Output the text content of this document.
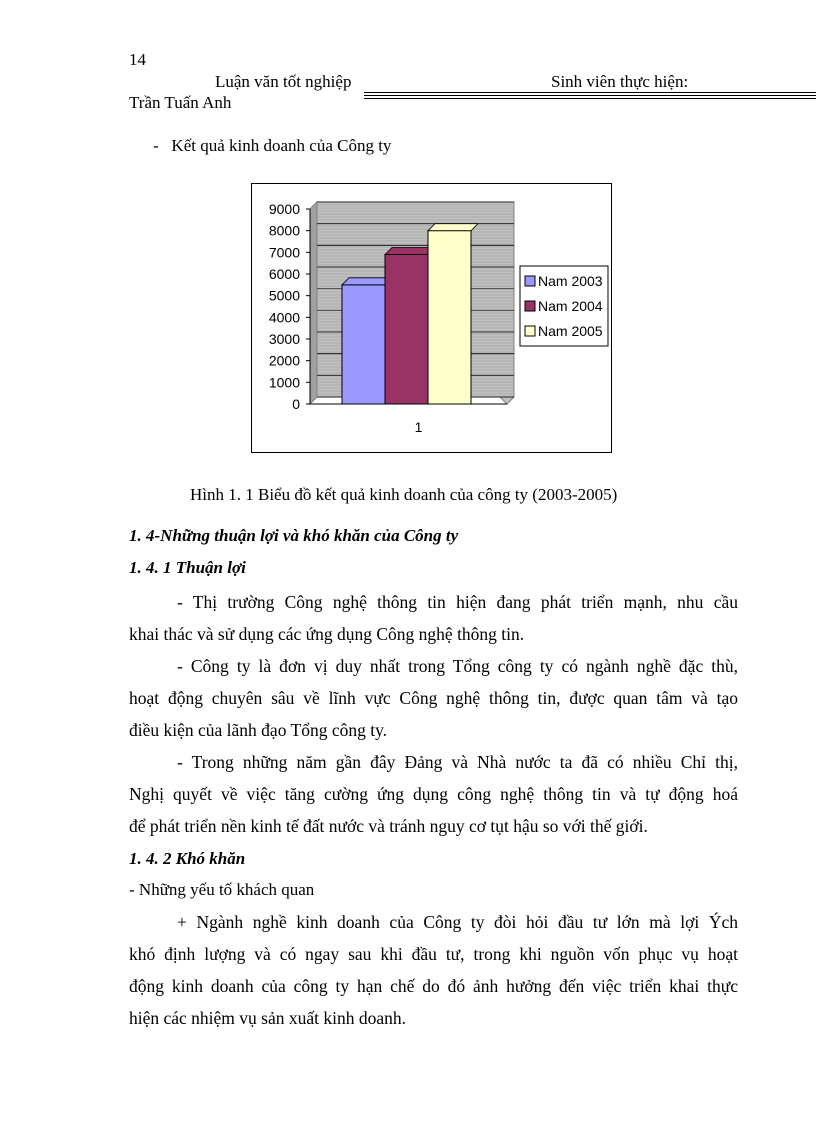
14
Luận văn tốt nghiệp	Sinh viên thực hiện:
Trần Tuấn Anh
-   Kết quả kinh doanh của Công ty
9000
8000
7000
6000
5000
4000
3000
2000
1000
0
1
Nam 2003
Nam 2004
Nam 2005
Hình 1. 1 Biểu đồ kết quả kinh doanh của công ty (2003-2005)
1. 4-Những thuận lợi và khó khăn của Công ty
1. 4. 1 Thuận lợi
- Thị trường Công nghệ thông tin hiện đang phát triển mạnh, nhu cầu
khai thác và sử dụng các ứng dụng Công nghệ thông tin.
- Công ty là đơn vị duy nhất trong Tổng công ty có ngành nghề đặc thù,
hoạt động chuyên sâu về lĩnh vực Công nghệ thông tin, được quan tâm và tạo
điều kiện của lãnh đạo Tổng công ty.
- Trong những năm gần đây Đảng và Nhà nước ta đã có nhiều Chỉ thị,
Nghị quyết về việc tăng cường ứng dụng công nghệ thông tin và tự động hoá
để phát triển nền kinh tế đất nước và tránh nguy cơ tụt hậu so với thế giới.
1. 4. 2 Khó khăn
- Những yếu tố khách quan
+ Ngành nghề kinh doanh của Công ty đòi hỏi đầu tư lớn mà lợi Ých
khó định lượng và có ngay sau khi đầu tư, trong khi nguồn vốn phục vụ hoạt
động kinh doanh của công ty hạn chế do đó ảnh hưởng đến việc triển khai thực
hiện các nhiệm vụ sản xuất kinh doanh.
